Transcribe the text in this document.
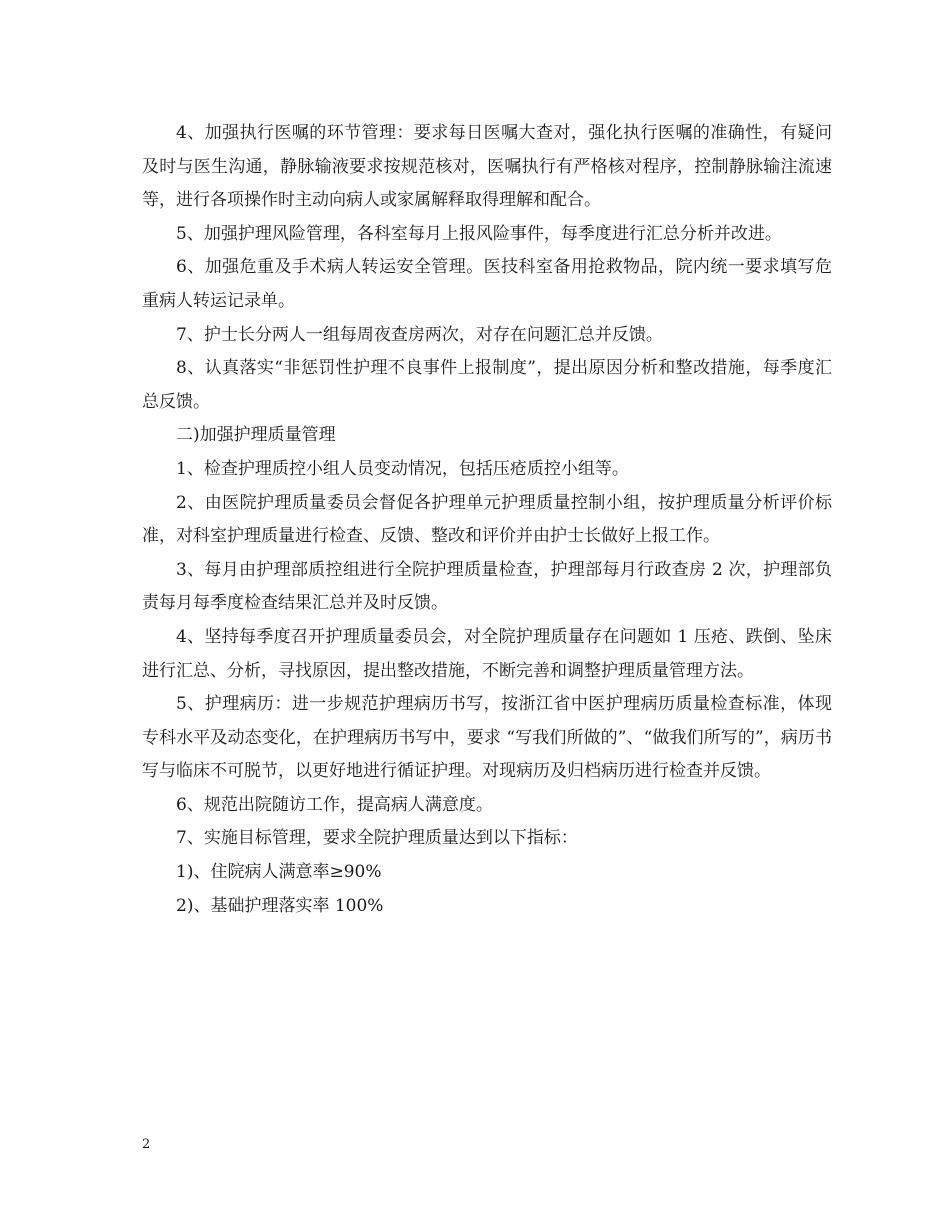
4、加强执行医嘱的环节管理：要求每日医嘱大查对，强化执行医嘱的准确性，有疑问及时与医生沟通，静脉输液要求按规范核对，医嘱执行有严格核对程序，控制静脉输注流速等，进行各项操作时主动向病人或家属解释取得理解和配合。

5、加强护理风险管理，各科室每月上报风险事件，每季度进行汇总分析并改进。

6、加强危重及手术病人转运安全管理。医技科室备用抢救物品，院内统一要求填写危重病人转运记录单。

7、护士长分两人一组每周夜查房两次，对存在问题汇总并反馈。

8、认真落实“非惩罚性护理不良事件上报制度”，提出原因分析和整改措施，每季度汇总反馈。

二)加强护理质量管理

1、检查护理质控小组人员变动情况，包括压疮质控小组等。

2、由医院护理质量委员会督促各护理单元护理质量控制小组，按护理质量分析评价标准，对科室护理质量进行检查、反馈、整改和评价并由护士长做好上报工作。

3、每月由护理部质控组进行全院护理质量检查，护理部每月行政查房 2 次，护理部负责每月每季度检查结果汇总并及时反馈。

4、坚持每季度召开护理质量委员会，对全院护理质量存在问题如 1 压疮、跌倒、坠床进行汇总、分析，寻找原因，提出整改措施，不断完善和调整护理质量管理方法。

5、护理病历：进一步规范护理病历书写，按浙江省中医护理病历质量检查标准，体现专科水平及动态变化，在护理病历书写中，要求 “写我们所做的”、“做我们所写的”，病历书写与临床不可脱节，以更好地进行循证护理。对现病历及归档病历进行检查并反馈。

6、规范出院随访工作，提高病人满意度。

7、实施目标管理，要求全院护理质量达到以下指标：

1)、住院病人满意率≥90%

2)、基础护理落实率 100%

2
